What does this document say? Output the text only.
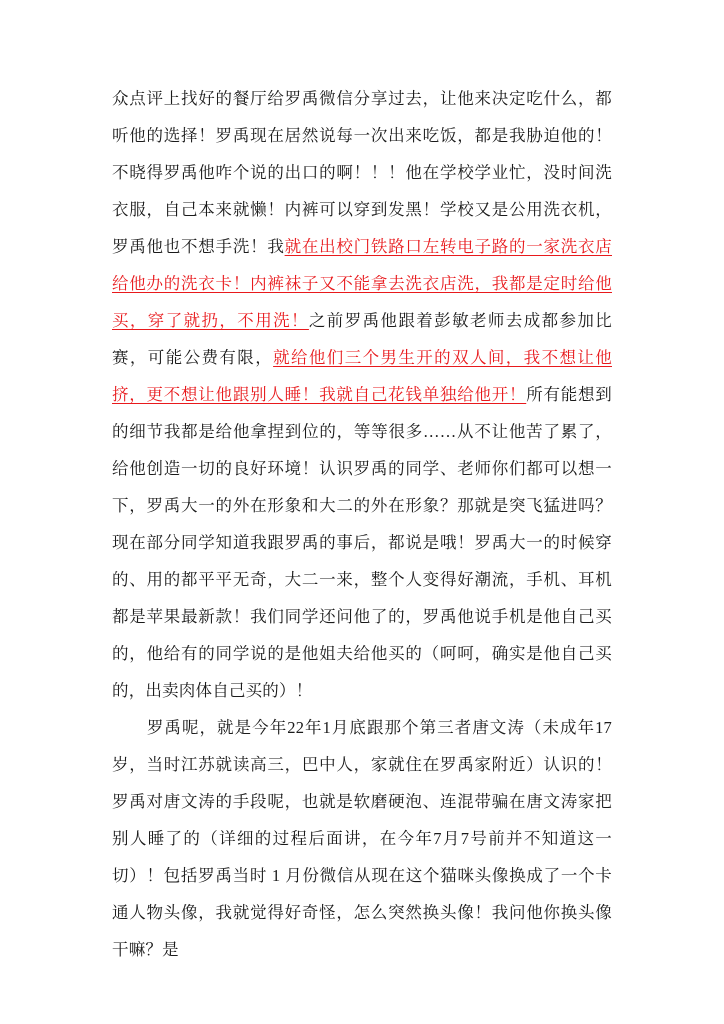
众点评上找好的餐厅给罗禹微信分享过去，让他来决定吃什么，都听他的选择！罗禹现在居然说每一次出来吃饭，都是我胁迫他的！不晓得罗禹他咋个说的出口的啊！！！他在学校学业忙，没时间洗衣服，自己本来就懒！内裤可以穿到发黑！学校又是公用洗衣机，罗禹他也不想手洗！我就在出校门铁路口左转电子路的一家洗衣店给他办的洗衣卡！内裤袜子又不能拿去洗衣店洗，我都是定时给他买，穿了就扔，不用洗！之前罗禹他跟着彭敏老师去成都参加比赛，可能公费有限，就给他们三个男生开的双人间，我不想让他挤，更不想让他跟别人睡！我就自己花钱单独给他开！所有能想到的细节我都是给他拿捏到位的，等等很多……从不让他苦了累了，给他创造一切的良好环境！认识罗禹的同学、老师你们都可以想一下，罗禹大一的外在形象和大二的外在形象？那就是突飞猛进吗？现在部分同学知道我跟罗禹的事后，都说是哦！罗禹大一的时候穿的、用的都平平无奇，大二一来，整个人变得好潮流，手机、耳机都是苹果最新款！我们同学还问他了的，罗禹他说手机是他自己买的，他给有的同学说的是他姐夫给他买的（呵呵，确实是他自己买的，出卖肉体自己买的）！

罗禹呢，就是今年22年1月底跟那个第三者唐文涛（未成年17岁，当时江苏就读高三，巴中人，家就住在罗禹家附近）认识的！罗禹对唐文涛的手段呢，也就是软磨硬泡、连混带骗在唐文涛家把别人睡了的（详细的过程后面讲，在今年7月7号前并不知道这一切）！包括罗禹当时 1 月份微信从现在这个猫咪头像换成了一个卡通人物头像，我就觉得好奇怪，怎么突然换头像！我问他你换头像干嘛？是
